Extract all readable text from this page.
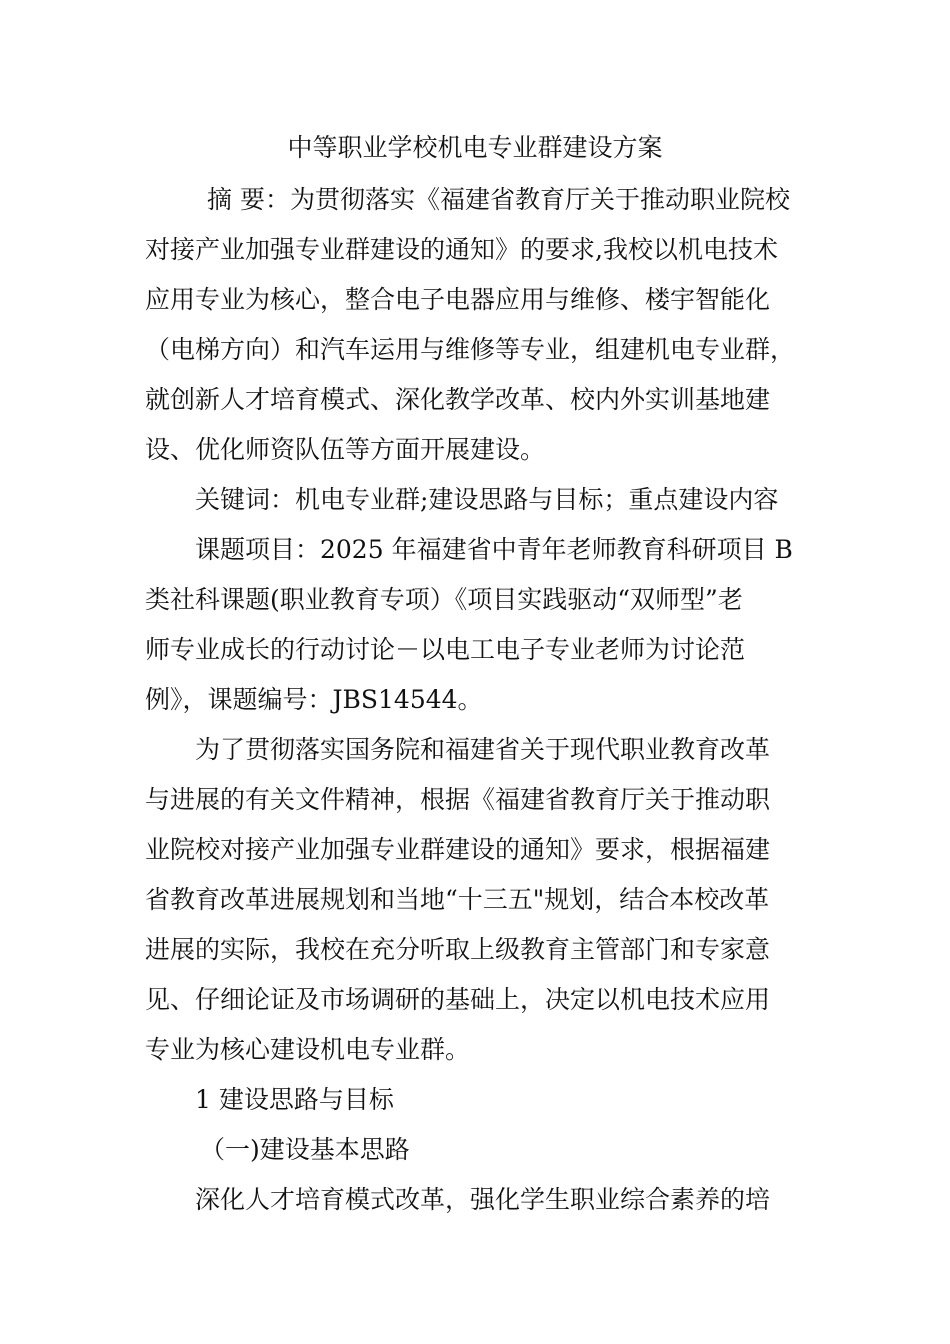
中等职业学校机电专业群建设方案
摘 要：为贯彻落实《福建省教育厅关于推动职业院校
对接产业加强专业群建设的通知》的要求,我校以机电技术
应用专业为核心，整合电子电器应用与维修、楼宇智能化
（电梯方向）和汽车运用与维修等专业，组建机电专业群，
就创新人才培育模式、深化教学改革、校内外实训基地建
设、优化师资队伍等方面开展建设。
关键词：机电专业群;建设思路与目标；重点建设内容
课题项目：2025 年福建省中青年老师教育科研项目 B
类社科课题(职业教育专项）《项目实践驱动“双师型”老
师专业成长的行动讨论－以电工电子专业老师为讨论范
例》，课题编号：JBS14544。
为了贯彻落实国务院和福建省关于现代职业教育改革
与进展的有关文件精神，根据《福建省教育厅关于推动职
业院校对接产业加强专业群建设的通知》要求，根据福建
省教育改革进展规划和当地“十三五"规划，结合本校改革
进展的实际，我校在充分听取上级教育主管部门和专家意
见、仔细论证及市场调研的基础上，决定以机电技术应用
专业为核心建设机电专业群。
1 建设思路与目标
（一)建设基本思路
深化人才培育模式改革，强化学生职业综合素养的培
